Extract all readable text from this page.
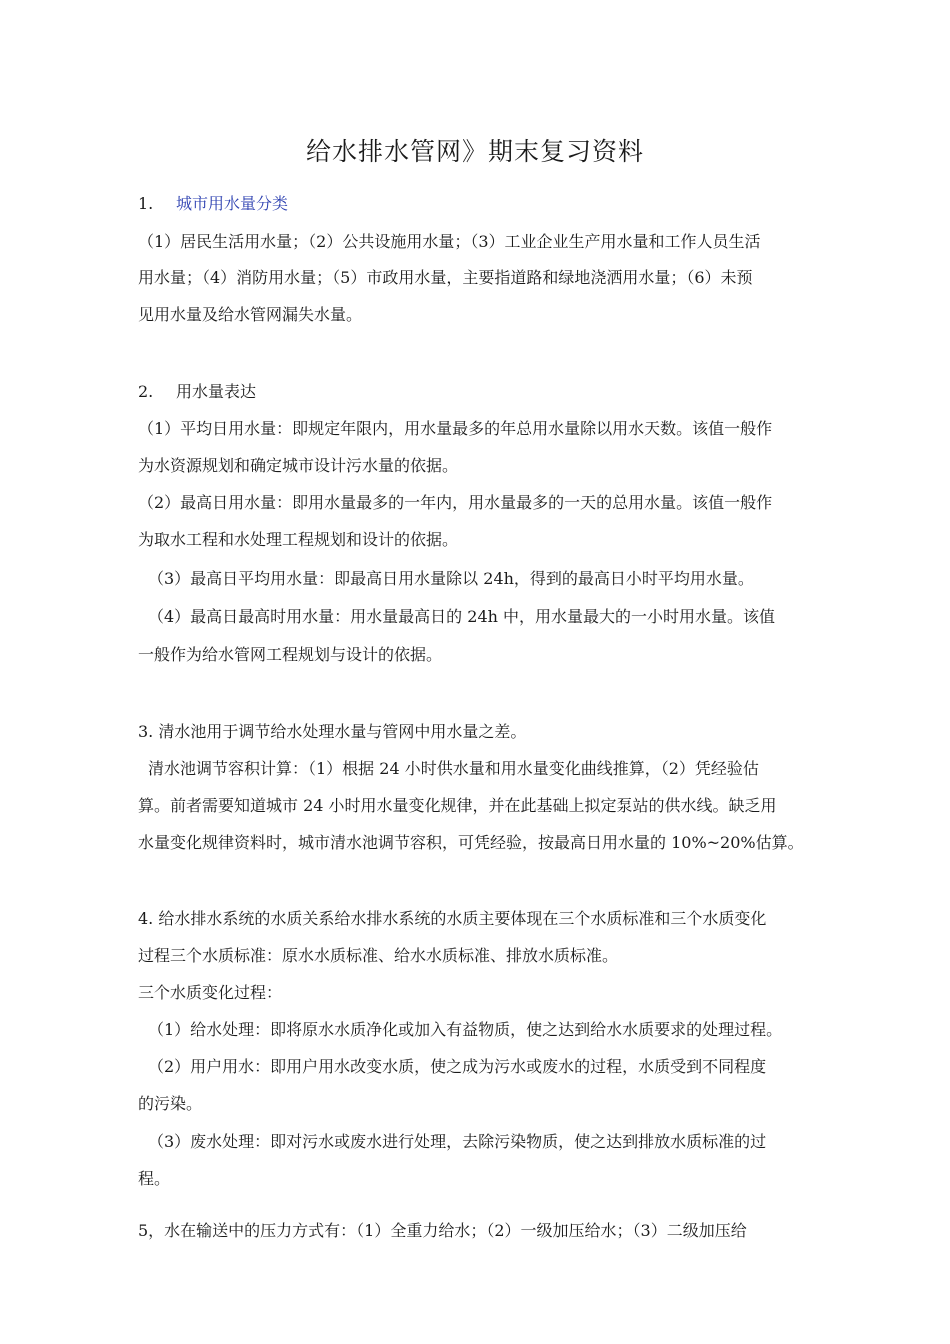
给水排水管网》期末复习资料
1. 城市用水量分类
（1）居民生活用水量；（2）公共设施用水量；（3）工业企业生产用水量和工作人员生活
用水量；（4）消防用水量；（5）市政用水量，主要指道路和绿地浇洒用水量；（6）未预
见用水量及给水管网漏失水量。
2. 用水量表达
（1）平均日用水量：即规定年限内，用水量最多的年总用水量除以用水天数。该值一般作
为水资源规划和确定城市设计污水量的依据。
（2）最高日用水量：即用水量最多的一年内，用水量最多的一天的总用水量。该值一般作
为取水工程和水处理工程规划和设计的依据。
（3）最高日平均用水量：即最高日用水量除以 24h，得到的最高日小时平均用水量。
（4）最高日最高时用水量：用水量最高日的 24h 中，用水量最大的一小时用水量。该值
一般作为给水管网工程规划与设计的依据。
3. 清水池用于调节给水处理水量与管网中用水量之差。
清水池调节容积计算：（1）根据 24 小时供水量和用水量变化曲线推算，（2）凭经验估
算。前者需要知道城市 24 小时用水量变化规律，并在此基础上拟定泵站的供水线。缺乏用
水量变化规律资料时，城市清水池调节容积，可凭经验，按最高日用水量的 10%~20%估算。
4. 给水排水系统的水质关系给水排水系统的水质主要体现在三个水质标准和三个水质变化
过程三个水质标准：原水水质标准、给水水质标准、排放水质标准。
三个水质变化过程：
（1）给水处理：即将原水水质净化或加入有益物质，使之达到给水水质要求的处理过程。
（2）用户用水：即用户用水改变水质，使之成为污水或废水的过程，水质受到不同程度
的污染。
（3）废水处理：即对污水或废水进行处理，去除污染物质，使之达到排放水质标准的过
程。
5，水在输送中的压力方式有：（1）全重力给水；（2）一级加压给水；（3）二级加压给
